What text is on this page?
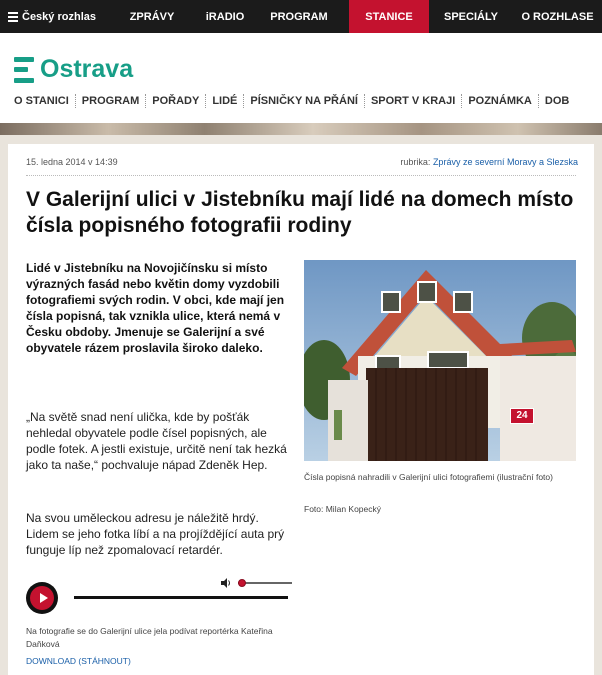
Český rozhlas	ZPRÁVY	iRADIO	PROGRAM	STANICE	SPECIÁLY	O ROZHLASE
Ostrava
O STANICI	PROGRAM	POŘADY	LIDÉ	PÍSNIČKY NA PŘÁNÍ	SPORT V KRAJI	POZNÁMKA	DOB
15. ledna 2014 v 14:39	rubrika: Zprávy ze severní Moravy a Slezska
V Galerijní ulici v Jistebníku mají lidé na domech místo čísla popisného fotografii rodiny

Lidé v Jistebníku na Novojičínsku si místo výrazných fasád nebo květin domy vyzdobili fotografiemi svých rodin. V obci, kde mají jen čísla popisná, tak vznikla ulice, která nemá v Česku obdoby. Jmenuje se Galerijní a své obyvatele rázem proslavila široko daleko.

„Na světě snad není ulička, kde by pošťák nehledal obyvatele podle čísel popisných, ale podle fotek. A jestli existuje, určitě není tak hezká jako ta naše,“ pochvaluje nápad Zdeněk Hep.

Na svou uměleckou adresu je náležitě hrdý. Lidem se jeho fotka líbí a na projíždějící auta prý funguje líp než zpomalovací retardér.

Na fotografie se do Galerijní ulice jela podívat reportérka Kateřina Daňková

DOWNLOAD (STÁHNOUT)
24

Čísla popisná nahradili v Galerijní ulici fotografiemi (ilustrační foto)

Foto: Milan Kopecký
